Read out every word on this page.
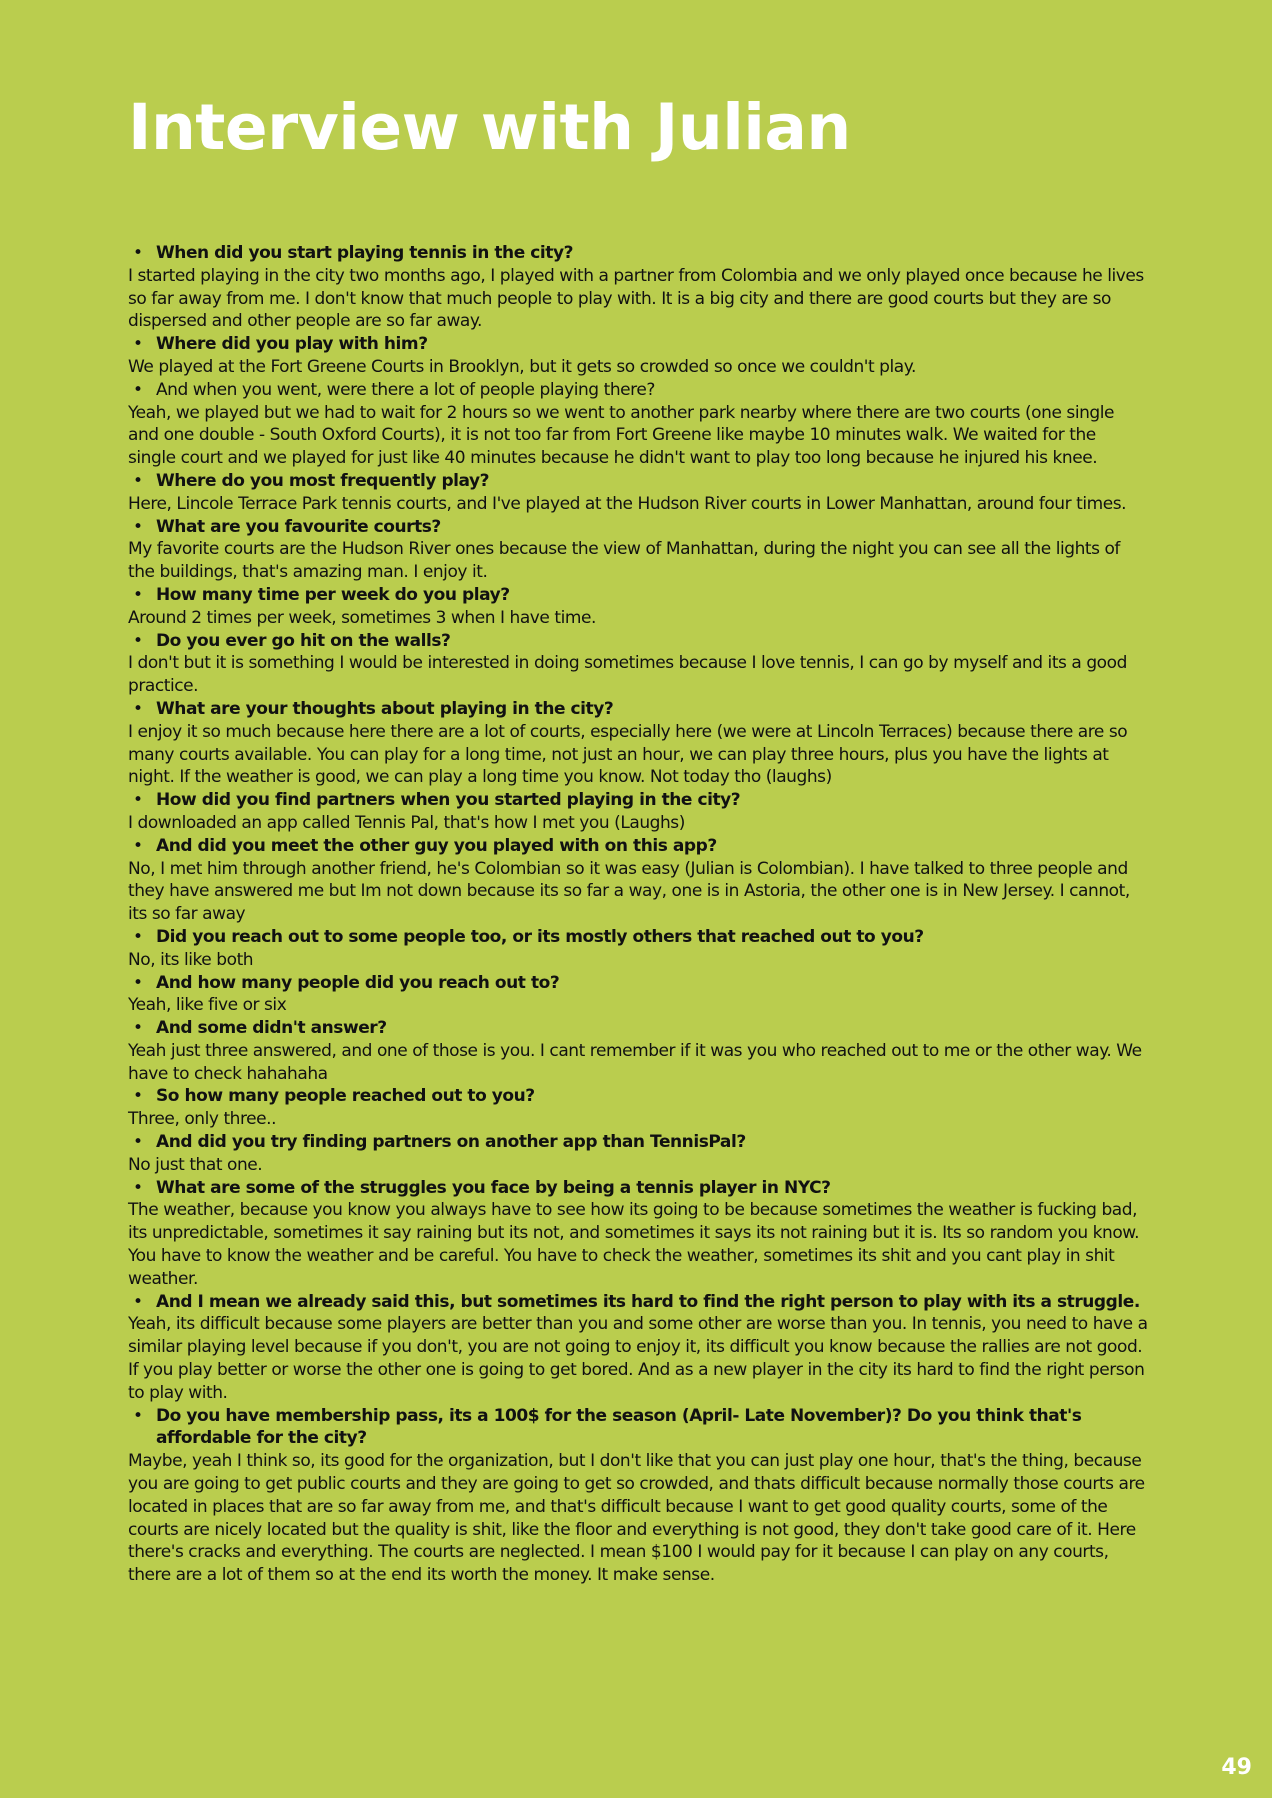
Interview with Julian
• When did you start playing tennis in the city?
I started playing in the city two months ago, I played with a partner from Colombia and we only played once because he lives so far away from me. I don't know that much people to play with. It is a big city and there are good courts but they are so dispersed and other people are so far away.
• Where did you play with him?
We played at the Fort Greene Courts in Brooklyn, but it gets so crowded so once we couldn't play.
• And when you went, were there a lot of people playing there?
Yeah, we played but we had to wait for 2 hours so we went to another park nearby where there are two courts (one single and one double - South Oxford Courts), it is not too far from Fort Greene like maybe 10 minutes walk. We waited for the single court and we played for just like 40 minutes because he didn't want to play too long because he injured his knee.
• Where do you most frequently play?
Here, Lincole Terrace Park tennis courts, and I've played at the Hudson River courts in Lower Manhattan, around four times.
• What are you favourite courts?
My favorite courts are the Hudson River ones because the view of Manhattan, during the night you can see all the lights of the buildings, that's amazing man. I enjoy it.
• How many time per week do you play?
Around 2 times per week, sometimes 3 when I have time.
• Do you ever go hit on the walls?
I don't but it is something I would be interested in doing sometimes because I love tennis, I can go by myself and its a good practice.
• What are your thoughts about playing in the city?
I enjoy it so much because here there are a lot of courts, especially here (we were at Lincoln Terraces) because there are so many courts available. You can play for a long time, not just an hour, we can play three hours, plus you have the lights at night. If the weather is good, we can play a long time you know. Not today tho (laughs)
• How did you find partners when you started playing in the city?
I downloaded an app called Tennis Pal, that's how I met you (Laughs)
• And did you meet the other guy you played with on this app?
No, I met him through another friend, he's Colombian so it was easy (Julian is Colombian). I have talked to three people and they have answered me but Im not down because its so far a way, one is in Astoria, the other one is in New Jersey. I cannot, its so far away
• Did you reach out to some people too, or its mostly others that reached out to you?
No, its like both
• And how many people did you reach out to?
Yeah, like five or six
• And some didn't answer?
Yeah just three answered, and one of those is you. I cant remember if it was you who reached out to me or the other way. We have to check hahahaha
• So how many people reached out to you?
Three, only three..
• And did you try finding partners on another app than TennisPal?
No just that one.
• What are some of the struggles you face by being a tennis player in NYC?
The weather, because you know you always have to see how its going to be because sometimes the weather is fucking bad, its unpredictable, sometimes it say raining but its not, and sometimes it says its not raining but it is. Its so random you know. You have to know the weather and be careful. You have to check the weather, sometimes its shit and you cant play in shit weather.
• And I mean we already said this, but sometimes its hard to find the right person to play with its a struggle.
Yeah, its difficult because some players are better than you and some other are worse than you. In tennis, you need to have a similar playing level because if you don't, you are not going to enjoy it, its difficult you know because the rallies are not good. If you play better or worse the other one is going to get bored. And as a new player in the city its hard to find the right person to play with.
• Do you have membership pass, its a 100$ for the season (April- Late November)? Do you think that's affordable for the city?
Maybe, yeah I think so, its good for the organization, but I don't like that you can just play one hour, that's the thing, because you are going to get public courts and they are going to get so crowded, and thats difficult because normally those courts are located in places that are so far away from me, and that's difficult because I want to get good quality courts, some of the courts are nicely located but the quality is shit, like the floor and everything is not good, they don't take good care of it. Here there's cracks and everything. The courts are neglected. I mean $100 I would pay for it because I can play on any courts, there are a lot of them so at the end its worth the money. It make sense.
49
